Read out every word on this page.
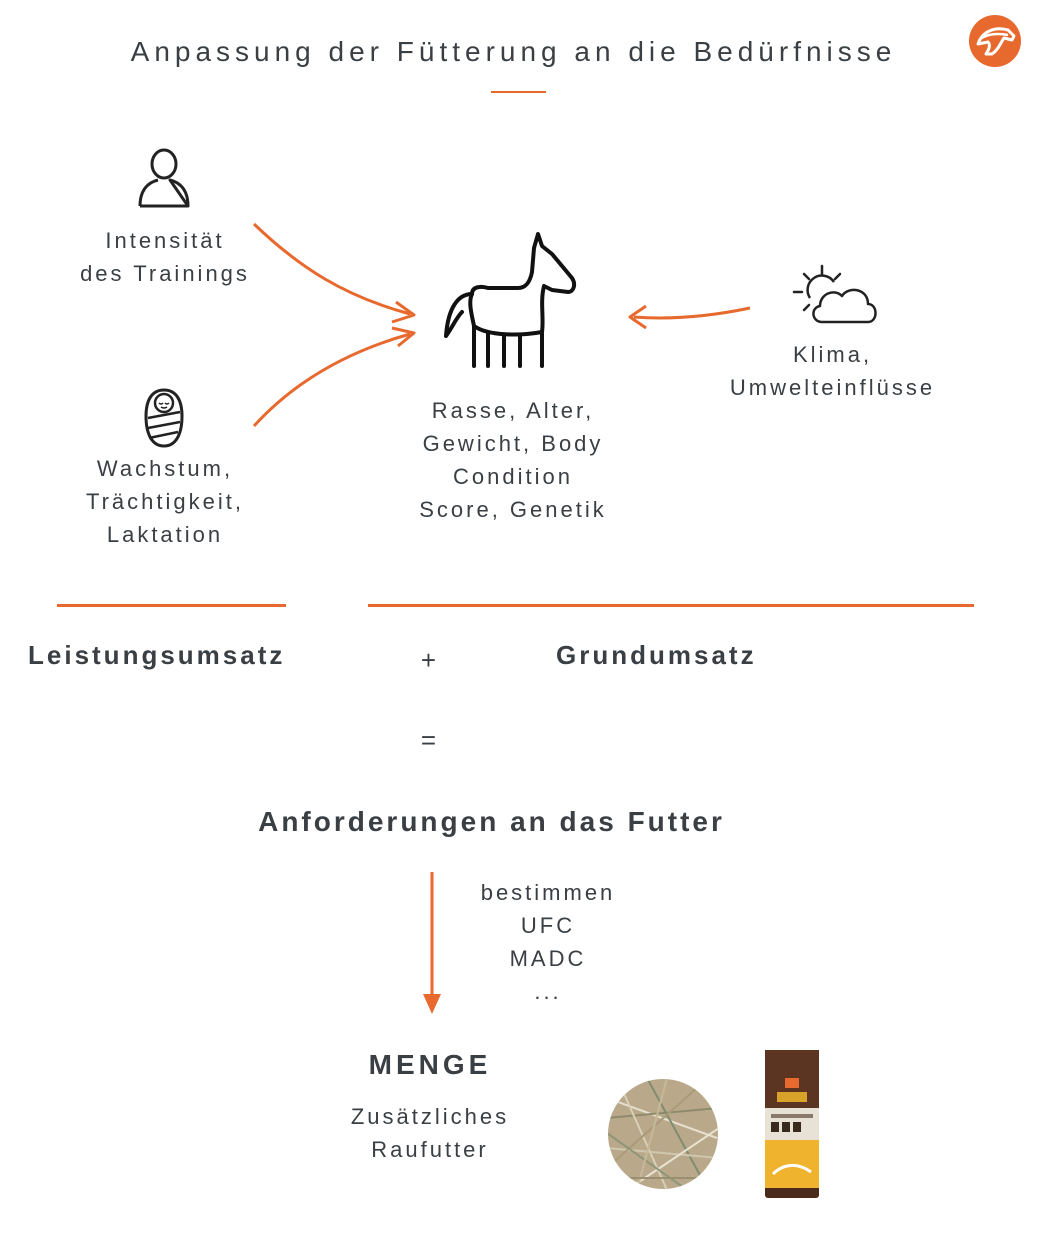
Anpassung der Fütterung an die Bedürfnisse
Intensität
des Trainings
Wachstum,
Trächtigkeit,
Laktation
Rasse, Alter,
Gewicht, Body
Condition
Score, Genetik
Klima,
Umwelteinflüsse
Leistungsumsatz	+	Grundumsatz
=
Anforderungen an das Futter
bestimmen
UFC
MADC
...
MENGE
Zusätzliches
Raufutter
